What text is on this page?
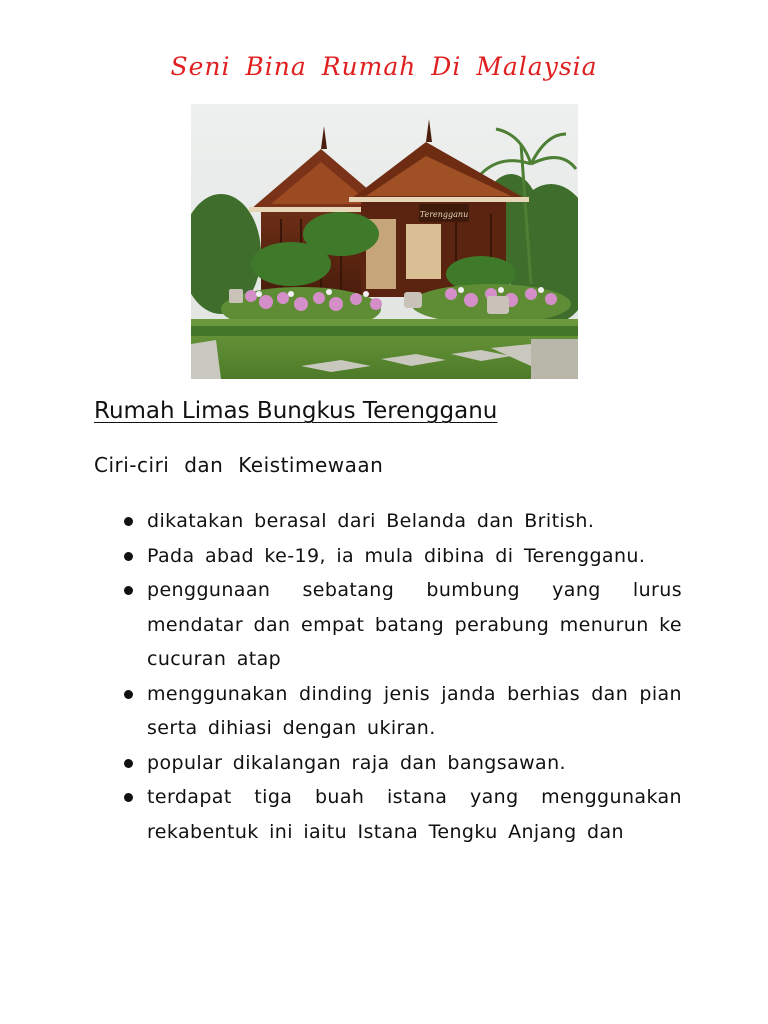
Seni Bina Rumah Di Malaysia
Terengganu
Rumah Limas Bungkus Terengganu
Ciri-ciri dan Keistimewaan
dikatakan berasal dari Belanda dan British.
Pada abad ke-19, ia mula dibina di Terengganu.
penggunaan sebatang bumbung yang lurus mendatar dan empat batang perabung menurun ke cucuran atap
menggunakan dinding jenis janda berhias dan pian serta dihiasi dengan ukiran.
popular dikalangan raja dan bangsawan.
terdapat tiga buah istana yang menggunakan rekabentuk ini iaitu Istana Tengku Anjang dan
